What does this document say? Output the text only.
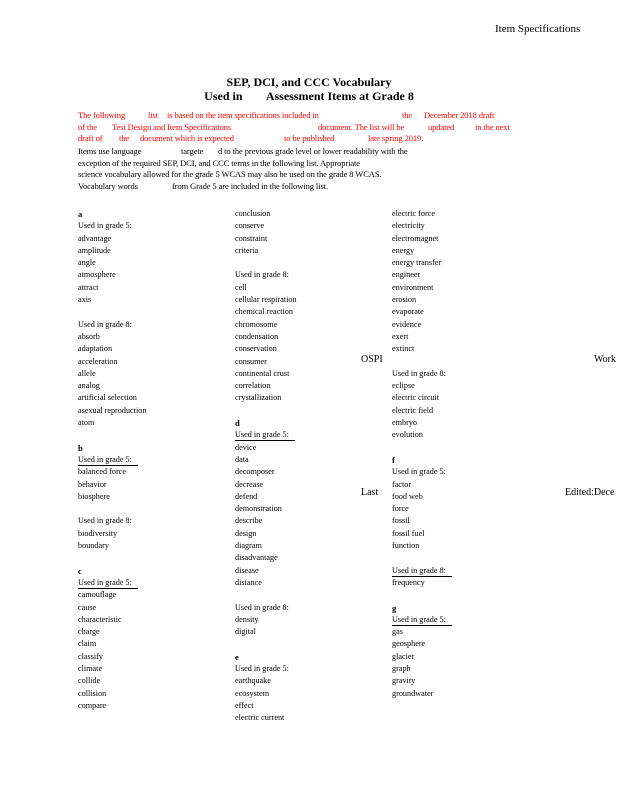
Item Specifications
SEP, DCI, and CCC Vocabulary
Used in Assessment Items at Grade 8
The following	list is based on the item specifications included in	the December 2018 draft
of the Test Design and Item Specifications	document. The list will be	updated in the next
draft of the document which is expected	to be published	late spring 2019.
Items use language	targete d to the previous grade level or lower readability with the
exception of the required SEP, DCI, and CCC terms in the following list. Appropriate
science vocabulary allowed for the grade 5 WCAS may also be used on the grade 8 WCAS.
Vocabulary words	from Grade 5 are included in the following list.
a
Used in grade 5:
advantage
amplitude
angle
atmosphere
attract
axis
Used in grade 8:
absorb
adaptation
acceleration
allele
analog
artificial selection
asexual reproduction
atom
b
Used in grade 5:
balanced force
behavior
biosphere
Used in grade 8:
biodiversity
boundary
c
Used in grade 5:
camouflage
cause
characteristic
charge
claim
classify
climate
collide
collision
compare
conclusion
conserve
constraint
criteria
Used in grade 8:
cell
cellular respiration
chemical reaction
chromosome
condensation
conservation
consumer
continental crust
correlation
crystallization
d
Used in grade 5:
device
data
decomposer
decrease
defend
demonstration
describe
design
diagram
disadvantage
disease
distance
Used in grade 8:
density
digital
e
Used in grade 5:
earthquake
ecosystem
effect
electric current
electric force
electricity
electromagnet
energy
energy transfer
engineer
environment
erosion
evaporate
evidence
exert
extinct
Used in grade 8:
eclipse
electric circuit
electric field
embryo
evolution
f
Used in grade 5:
factor
food web
force
fossil
fossil fuel
function
Used in grade 8:
frequency
g
Used in grade 5:
gas
geosphere
glacier
graph
gravity
groundwater
OSPI	Work
Last	Edited:Dece
